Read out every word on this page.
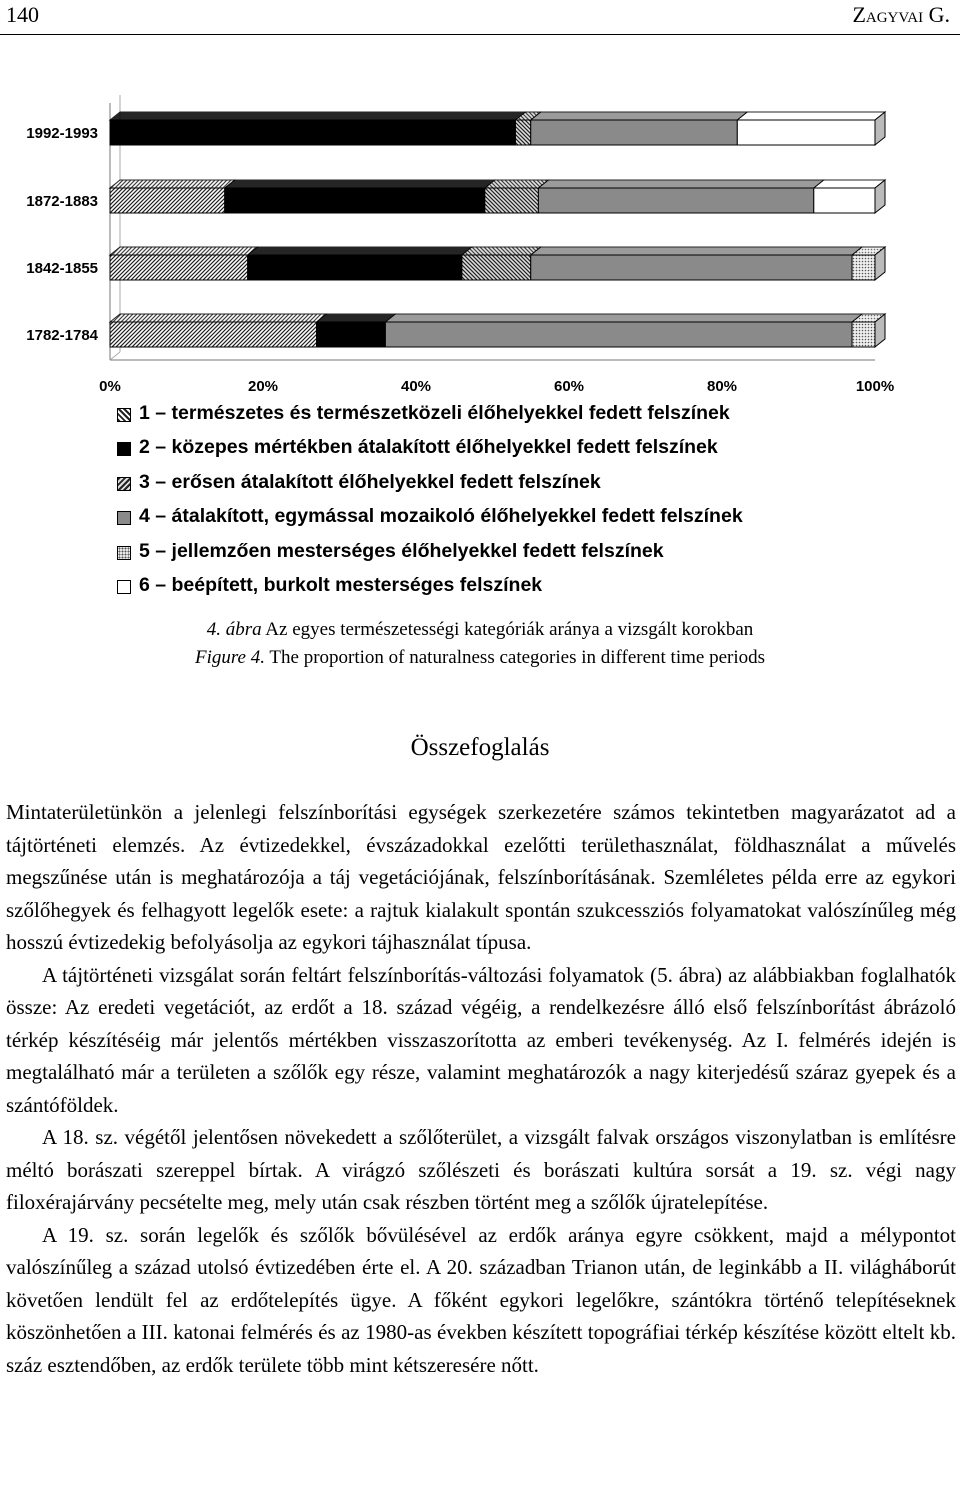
140	Zagyvai G.
1992-1993
1872-1883
1842-1855
1782-1784
0%	20%	40%	60%	80%	100%
1 – természetes és természetközeli élőhelyekkel fedett felszínek
2 – közepes mértékben átalakított élőhelyekkel fedett felszínek
3 – erősen átalakított élőhelyekkel fedett felszínek
4 – átalakított, egymással mozaikoló élőhelyekkel fedett felszínek
5 – jellemzően mesterséges élőhelyekkel fedett felszínek
6 – beépített, burkolt mesterséges felszínek
4. ábra Az egyes természetességi kategóriák aránya a vizsgált korokban
Figure 4. The proportion of naturalness categories in different time periods
Összefoglalás

Mintaterületünkön a jelenlegi felszínborítási egységek szerkezetére számos tekintetben magyarázatot ad a tájtörténeti elemzés. Az évtizedekkel, évszázadokkal ezelőtti területhasználat, földhasználat a művelés megszűnése után is meghatározója a táj vegetációjának, felszínborításának. Szemléletes példa erre az egykori szőlőhegyek és felhagyott legelők esete: a rajtuk kialakult spontán szukcessziós folyamatokat valószínűleg még hosszú évtizedekig befolyásolja az egykori tájhasználat típusa.

A tájtörténeti vizsgálat során feltárt felszínborítás-változási folyamatok (5. ábra) az alábbiakban foglalhatók össze: Az eredeti vegetációt, az erdőt a 18. század végéig, a rendelkezésre álló első felszínborítást ábrázoló térkép készítéséig már jelentős mértékben visszaszorította az emberi tevékenység. Az I. felmérés idején is megtalálható már a területen a szőlők egy része, valamint meghatározók a nagy kiterjedésű száraz gyepek és a szántóföldek.

A 18. sz. végétől jelentősen növekedett a szőlőterület, a vizsgált falvak országos viszonylatban is említésre méltó borászati szereppel bírtak. A virágzó szőlészeti és borászati kultúra sorsát a 19. sz. végi nagy filoxérajárvány pecsételte meg, mely után csak részben történt meg a szőlők újratelepítése.

A 19. sz. során legelők és szőlők bővülésével az erdők aránya egyre csökkent, majd a mélypontot valószínűleg a század utolsó évtizedében érte el. A 20. században Trianon után, de leginkább a II. világháborút követően lendült fel az erdőtelepítés ügye. A főként egykori legelőkre, szántókra történő telepítéseknek köszönhetően a III. katonai felmérés és az 1980-as években készített topográfiai térkép készítése között eltelt kb. száz esztendőben, az erdők területe több mint kétszeresére nőtt.
